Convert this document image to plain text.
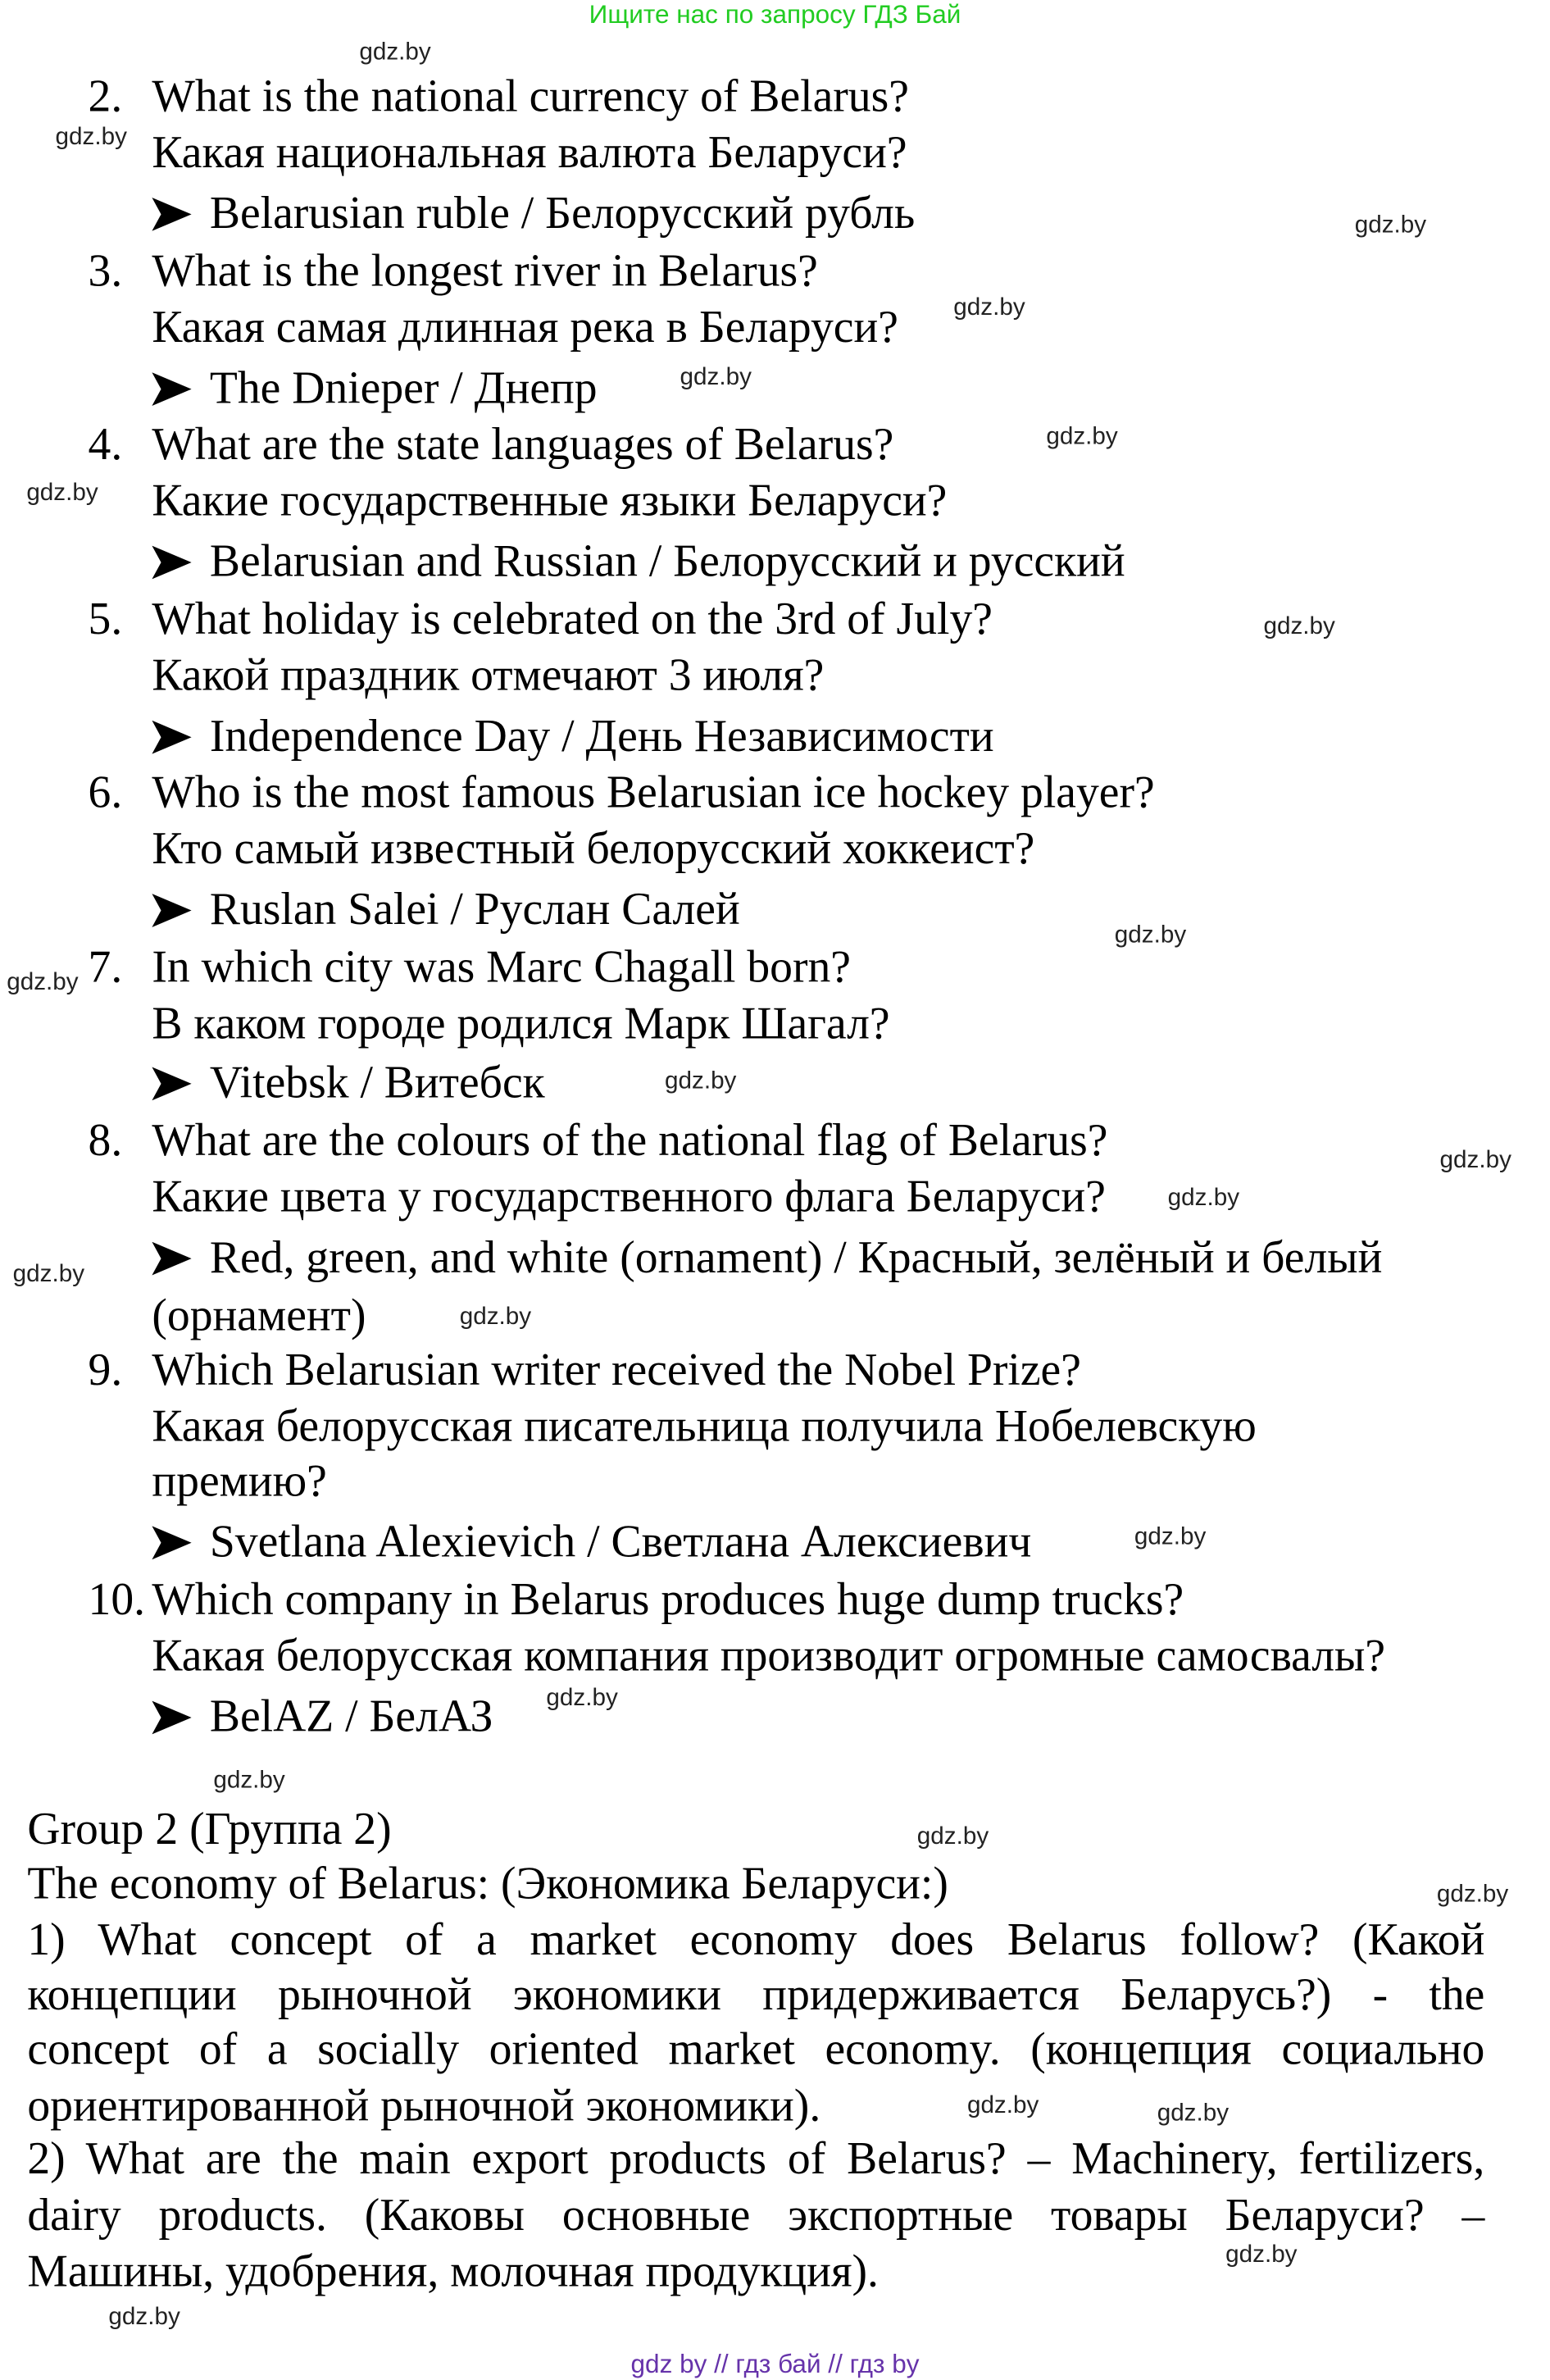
Ищите нас по запросу ГДЗ Бай
2. What is the national currency of Belarus?
Какая национальная валюта Беларуси?
Belarusian ruble / Белорусский рубль
3. What is the longest river in Belarus?
Какая самая длинная река в Беларуси?
The Dnieper / Днепр
4. What are the state languages of Belarus?
Какие государственные языки Беларуси?
Belarusian and Russian / Белорусский и русский
5. What holiday is celebrated on the 3rd of July?
Какой праздник отмечают 3 июля?
Independence Day / День Независимости
6. Who is the most famous Belarusian ice hockey player?
Кто самый известный белорусский хоккеист?
Ruslan Salei / Руслан Салей
7. In which city was Marc Chagall born?
В каком городе родился Марк Шагал?
Vitebsk / Витебск
8. What are the colours of the national flag of Belarus?
Какие цвета у государственного флага Беларуси?
Red, green, and white (ornament) / Красный, зелёный и белый
(орнамент)
9. Which Belarusian writer received the Nobel Prize?
Какая белорусская писательница получила Нобелевскую
Svetlana Alexievich / Светлана Алексиевич
премию?
10. Which company in Belarus produces huge dump trucks?
Какая белорусская компания производит огромные самосвалы?
BelAZ / БелАЗ
Group 2 (Группа 2)
The economy of Belarus: (Экономика Беларуси:)
1) What concept of a market economy does Belarus follow? (Какой
концепции рыночной экономики придерживается Беларусь?) - the
concept of a socially oriented market economy. (концепция социально
ориентированной рыночной экономики).
2) What are the main export products of Belarus? – Machinery, fertilizers,
dairy products. (Каковы основные экспортные товары Беларуси? –
Машины, удобрения, молочная продукция).
gdz by // гдз бай // гдз by
gdz.by
gdz.by
gdz.by
gdz.by
gdz.by
gdz.by
gdz.by
gdz.by
gdz.by
gdz.by
gdz.by
gdz.by
gdz.by
gdz.by
gdz.by
gdz.by
gdz.by
gdz.by
gdz.by
gdz.by
gdz.by	gdz.by
gdz.by
gdz.by
